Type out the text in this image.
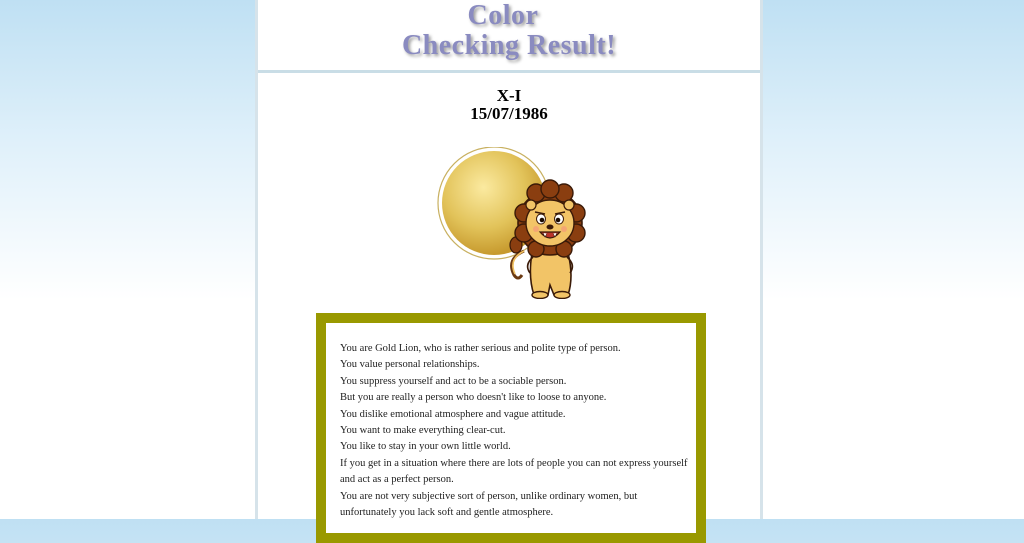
Color
Checking Result!
X-I
15/07/1986

You are Gold Lion, who is rather serious and polite type of person.

You value personal relationships.

You suppress yourself and act to be a sociable person.

But you are really a person who doesn't like to loose to anyone.

You dislike emotional atmosphere and vague attitude.

You want to make everything clear-cut.

You like to stay in your own little world.

If you get in a situation where there are lots of people you can not express yourself

and act as a perfect person.

You are not very subjective sort of person, unlike ordinary women, but

unfortunately you lack soft and gentle atmosphere.
